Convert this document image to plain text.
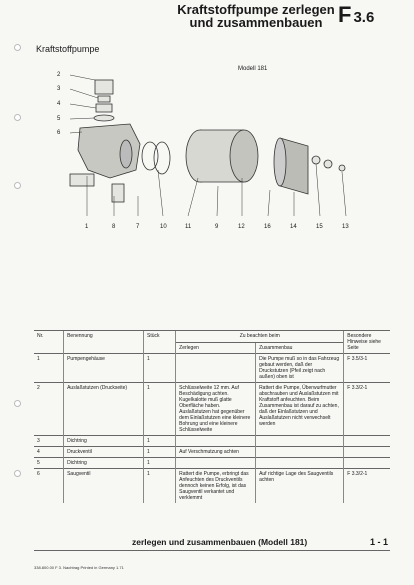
Kraftstoffpumpe zerlegen
und zusammenbauen F 3.6
Kraftstoffpumpe
Modell 181
2
3
4
5
6
1	8	7	10	11	9	12	16	14	15	13
Nr.	Benennung	Stück	Zu beachten beim		Besondere Hinweise siehe Seite
			Zerlegen	Zusammenbau	
1	Pumpengehäuse	1		Die Pumpe muß so in das Fahrzeug gebaut werden, daß der Druckstutzen (Pfeil zeigt nach außen) oben ist	F 3.5/3-1
2	Auslaßstutzen (Druckseite)	1	Schlüsselweite 12 mm. Auf Beschädigung achten. Kugelkalotte muß glatte Oberfläche haben. Auslaßstutzen hat gegenüber dem Einlaßstutzen eine kleinere Bohrung und eine kleinere Schlüsselweite	Rattert die Pumpe, Überwurfmutter abschrauben und Auslaßstutzen mit Kraftstoff anfeuchten. Beim Zusammenbau ist darauf zu achten, daß der Einlaßstutzen und Auslaßstutzen nicht verwechselt werden	F 3.3/2-1
3	Dichtring	1			
4	Druckventil	1	Auf Verschmutzung achten		
5	Dichtring	1			
6	Saugventil	1	Rattert die Pumpe, erbringt das Anfeuchten des Druckventils dennoch keinen Erfolg, ist das Saugventil verkantet und verklemmt	Auf richtige Lage des Saugventils achten	F 3.3/2-1
zerlegen und zusammenbauen (Modell 181)	1 - 1
338.800.00 F 3. Nachtrag Printed in Germany 1.71
